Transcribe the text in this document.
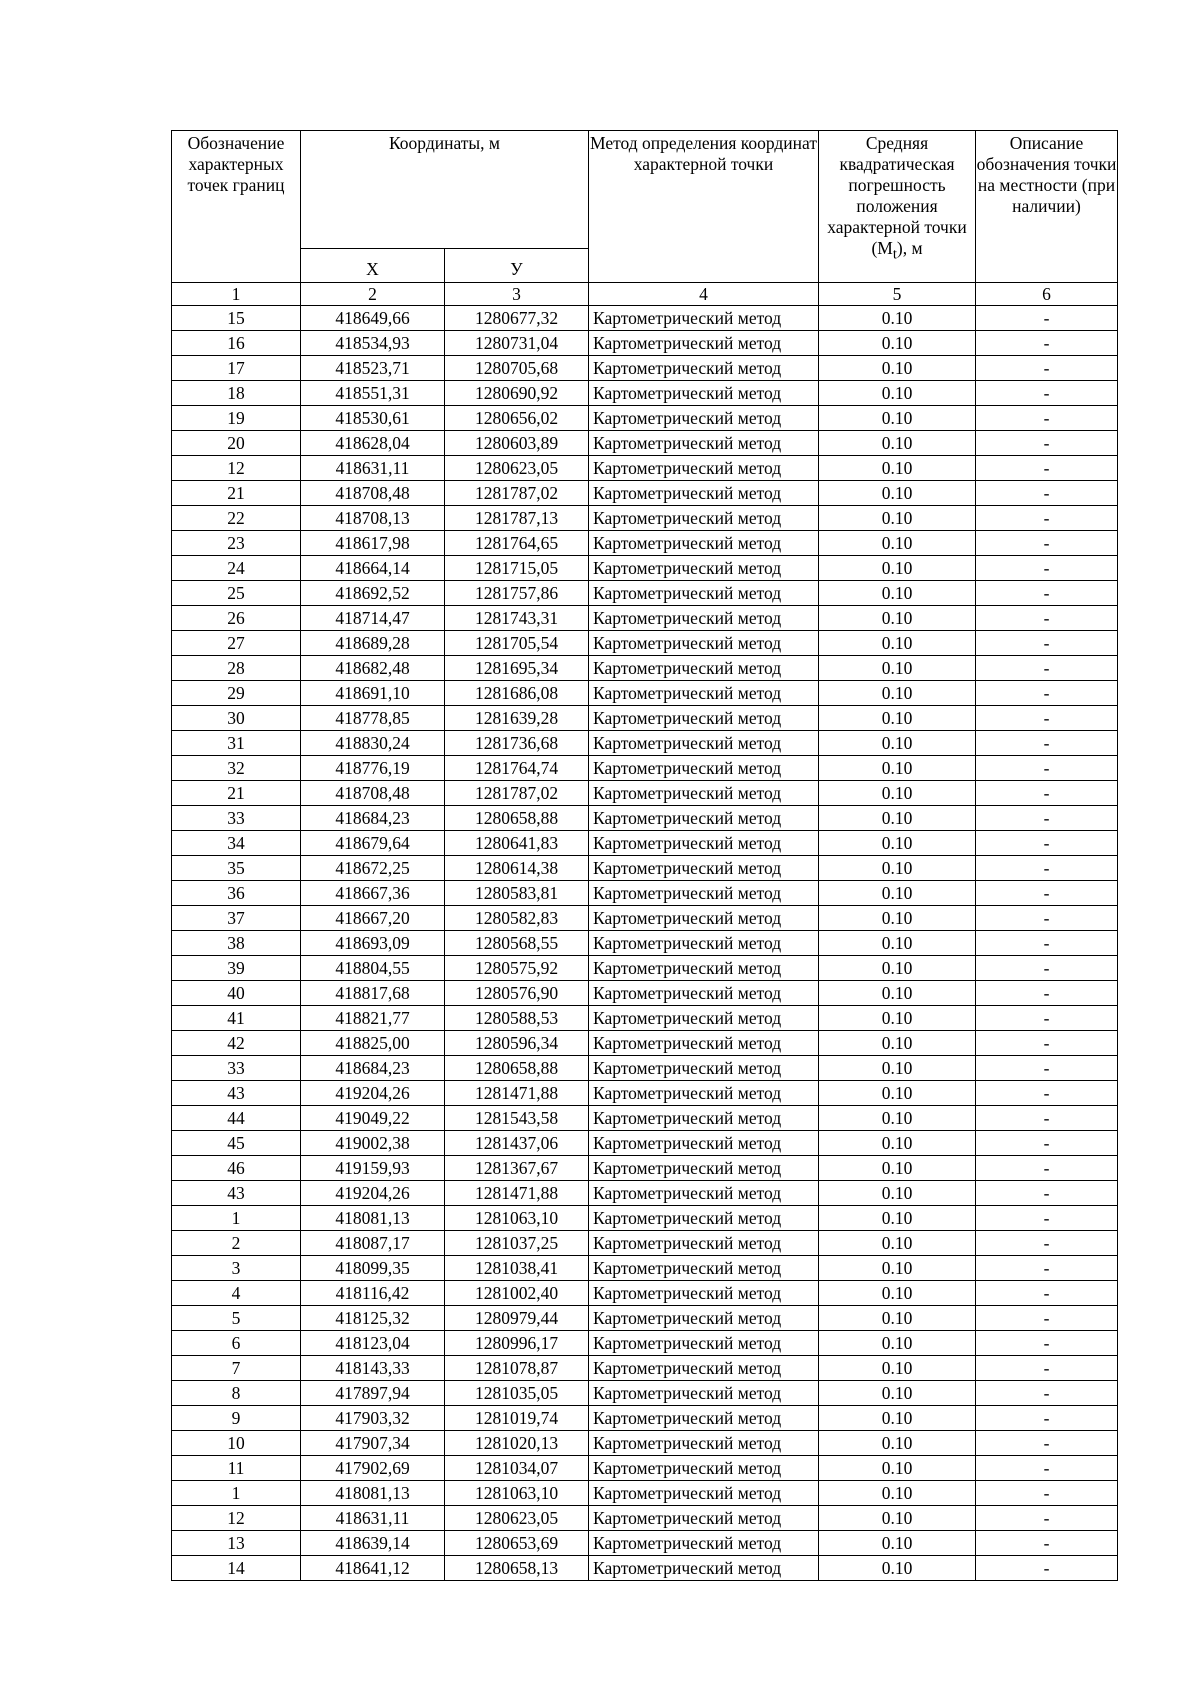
Обозначение характерных точек границ	Координаты, м		Метод определения координат характерной точки	Средняя квадратическая погрешность положения характерной точки $(M_t)$, м	Описание обозначения точки на местности (при наличии)
	X	У			
1	2	3	4	5	6
15	418649,66	1280677,32	Картометрический метод	0.10	-
16	418534,93	1280731,04	Картометрический метод	0.10	-
17	418523,71	1280705,68	Картометрический метод	0.10	-
18	418551,31	1280690,92	Картометрический метод	0.10	-
19	418530,61	1280656,02	Картометрический метод	0.10	-
20	418628,04	1280603,89	Картометрический метод	0.10	-
12	418631,11	1280623,05	Картометрический метод	0.10	-
21	418708,48	1281787,02	Картометрический метод	0.10	-
22	418708,13	1281787,13	Картометрический метод	0.10	-
23	418617,98	1281764,65	Картометрический метод	0.10	-
24	418664,14	1281715,05	Картометрический метод	0.10	-
25	418692,52	1281757,86	Картометрический метод	0.10	-
26	418714,47	1281743,31	Картометрический метод	0.10	-
27	418689,28	1281705,54	Картометрический метод	0.10	-
28	418682,48	1281695,34	Картометрический метод	0.10	-
29	418691,10	1281686,08	Картометрический метод	0.10	-
30	418778,85	1281639,28	Картометрический метод	0.10	-
31	418830,24	1281736,68	Картометрический метод	0.10	-
32	418776,19	1281764,74	Картометрический метод	0.10	-
21	418708,48	1281787,02	Картометрический метод	0.10	-
33	418684,23	1280658,88	Картометрический метод	0.10	-
34	418679,64	1280641,83	Картометрический метод	0.10	-
35	418672,25	1280614,38	Картометрический метод	0.10	-
36	418667,36	1280583,81	Картометрический метод	0.10	-
37	418667,20	1280582,83	Картометрический метод	0.10	-
38	418693,09	1280568,55	Картометрический метод	0.10	-
39	418804,55	1280575,92	Картометрический метод	0.10	-
40	418817,68	1280576,90	Картометрический метод	0.10	-
41	418821,77	1280588,53	Картометрический метод	0.10	-
42	418825,00	1280596,34	Картометрический метод	0.10	-
33	418684,23	1280658,88	Картометрический метод	0.10	-
43	419204,26	1281471,88	Картометрический метод	0.10	-
44	419049,22	1281543,58	Картометрический метод	0.10	-
45	419002,38	1281437,06	Картометрический метод	0.10	-
46	419159,93	1281367,67	Картометрический метод	0.10	-
43	419204,26	1281471,88	Картометрический метод	0.10	-
1	418081,13	1281063,10	Картометрический метод	0.10	-
2	418087,17	1281037,25	Картометрический метод	0.10	-
3	418099,35	1281038,41	Картометрический метод	0.10	-
4	418116,42	1281002,40	Картометрический метод	0.10	-
5	418125,32	1280979,44	Картометрический метод	0.10	-
6	418123,04	1280996,17	Картометрический метод	0.10	-
7	418143,33	1281078,87	Картометрический метод	0.10	-
8	417897,94	1281035,05	Картометрический метод	0.10	-
9	417903,32	1281019,74	Картометрический метод	0.10	-
10	417907,34	1281020,13	Картометрический метод	0.10	-
11	417902,69	1281034,07	Картометрический метод	0.10	-
1	418081,13	1281063,10	Картометрический метод	0.10	-
12	418631,11	1280623,05	Картометрический метод	0.10	-
13	418639,14	1280653,69	Картометрический метод	0.10	-
14	418641,12	1280658,13	Картометрический метод	0.10	-
